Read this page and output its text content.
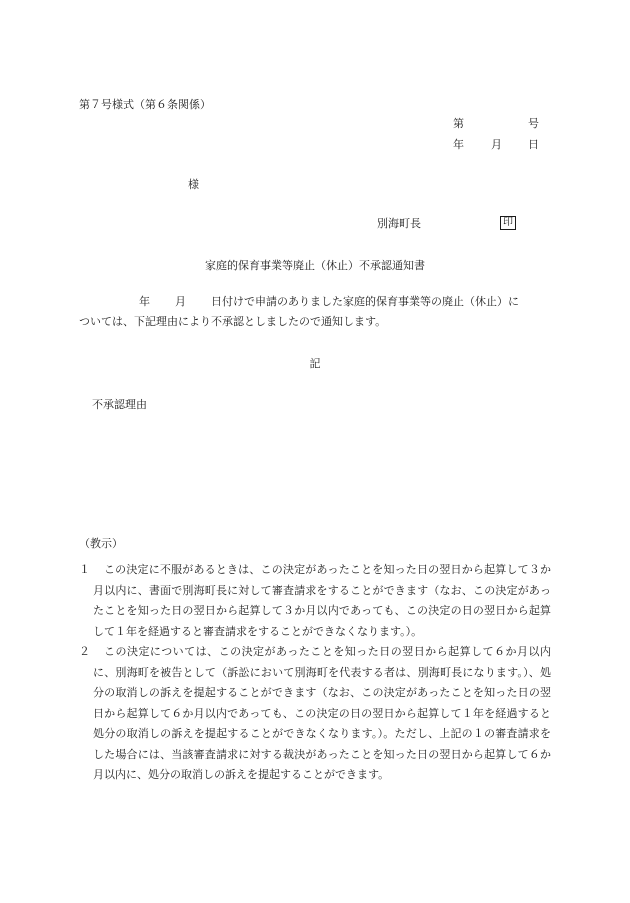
第７号様式（第６条関係）
第	号
年 月 日
様
別海町長	印
家庭的保育事業等廃止（休止）不承認通知書
年 月 日付けで申請のありました家庭的保育事業等の廃止（休止）に
ついては、下記理由により不承認としましたので通知します。
記
不承認理由
（教示）
１	この決定に不服があるときは、この決定があったことを知った日の翌日から起算して３か月以内に、書面で別海町長に対して審査請求をすることができます（なお、この決定があったことを知った日の翌日から起算して３か月以内であっても、この決定の日の翌日から起算して１年を経過すると審査請求をすることができなくなります。）。
２	この決定については、この決定があったことを知った日の翌日から起算して６か月以内に、別海町を被告として（訴訟において別海町を代表する者は、別海町長になります。）、処分の取消しの訴えを提起することができます（なお、この決定があったことを知った日の翌日から起算して６か月以内であっても、この決定の日の翌日から起算して１年を経過すると処分の取消しの訴えを提起することができなくなります。）。ただし、上記の１の審査請求をした場合には、当該審査請求に対する裁決があったことを知った日の翌日から起算して６か月以内に、処分の取消しの訴えを提起することができます。
